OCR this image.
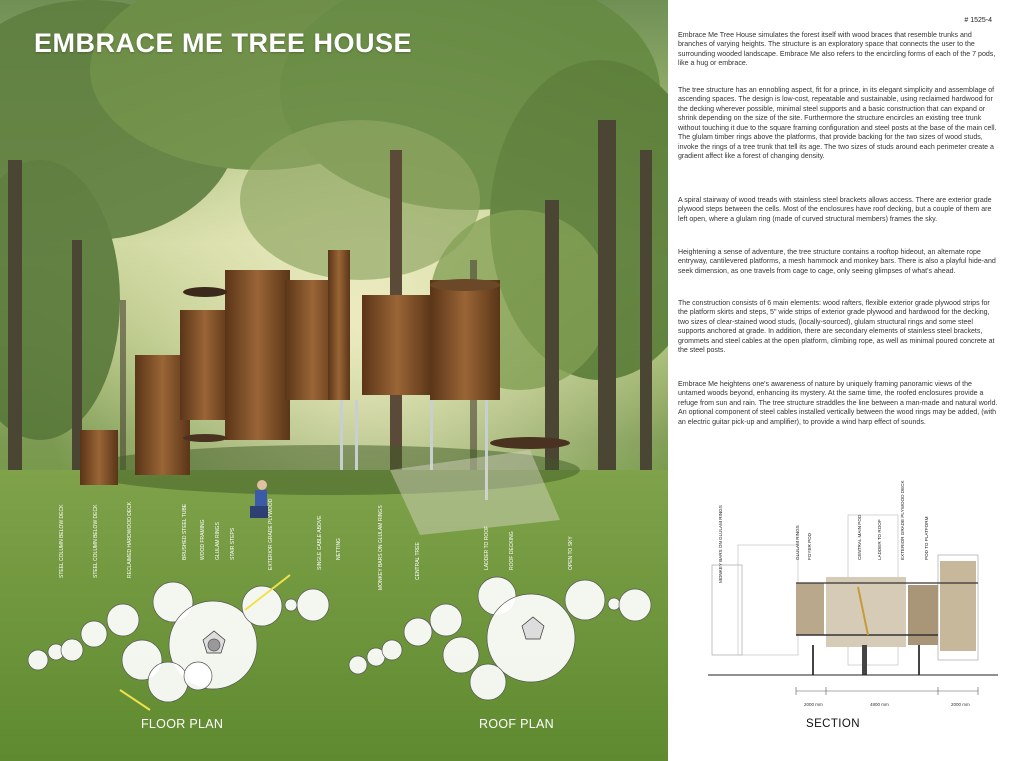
EMBRACE ME TREE HOUSE
STEEL COLUMN BELOW DECK	STEEL COLUMN BELOW DECK	RECLAIMED HARDWOOD DECK	BRUSHED STEEL TUBE WOOD FRAMING GLULAM RINGS STAIR STEPS	EXTERIOR GRADE PLYWOOD	SINGLE CABLE ABOVE	NETTING	MONKEY BARS ON GLULAM RINGS	CENTRAL TREE	LADDER TO ROOF	ROOF DECKING	OPEN TO SKY
FLOOR PLAN	ROOF PLAN
# 1525-4
Embrace Me Tree House simulates the forest itself with wood braces that resemble trunks and branches of varying heights. The structure is an exploratory space that connects the user to the surrounding wooded landscape. Embrace Me also refers to the encircling forms of each of the 7 pods, like a hug or embrace.
The tree structure has an ennobling aspect, fit for a prince, in its elegant simplicity and assemblage of ascending spaces. The design is low-cost, repeatable and sustainable, using reclaimed hardwood for the decking wherever possible, minimal steel supports and a basic construction that can expand or shrink depending on the size of the site. Furthermore the structure encircles an existing tree trunk without touching it due to the square framing configuration and steel posts at the base of the main cell. The glulam timber rings above the platforms, that provide backing for the two sizes of wood studs, invoke the rings of a tree trunk that tell its age. The two sizes of studs around each perimeter create a gradient affect like a forest of changing density.
A spiral stairway of wood treads with stainless steel brackets allows access. There are exterior grade plywood steps between the cells. Most of the enclosures have roof decking, but a couple of them are left open, where a glulam ring (made of curved structural members) frames the sky.
Heightening a sense of adventure, the tree structure contains a rooftop hideout, an alternate rope entryway, cantilevered platforms, a mesh hammock and monkey bars. There is also a playful hide-and seek dimension, as one travels from cage to cage, only seeing glimpses of what's ahead.
The construction consists of 6 main elements: wood rafters, flexible exterior grade plywood strips for the platform skirts and steps, 5" wide strips of exterior grade plywood and hardwood for the decking, two sizes of clear-stained wood studs, (locally-sourced), glulam structural rings and some steel supports anchored at grade. In addition, there are secondary elements of stainless steel brackets, grommets and steel cables at the open platform, climbing rope, as well as minimal poured concrete at the steel posts.
Embrace Me heightens one's awareness of nature by uniquely framing panoramic views of the untamed woods beyond, enhancing its mystery. At the same time, the roofed enclosures provide a refuge from sun and rain. The tree structure straddles the line between a man-made and natural world.
An optional component of steel cables installed vertically between the wood rings may be added, (with an electric guitar pick-up and amplifier), to provide a wind harp effect of sounds.
MONKEY BARS ON GLULAM RINGS	GLULAM RINGS FOYER POD	CENTRAL MAIN POD	LADDER TO ROOF	EXTERIOR GRADE PLYWOOD DECK	POD TO PLATFORM
2000 mm	4800 mm	2000 mm
SECTION
